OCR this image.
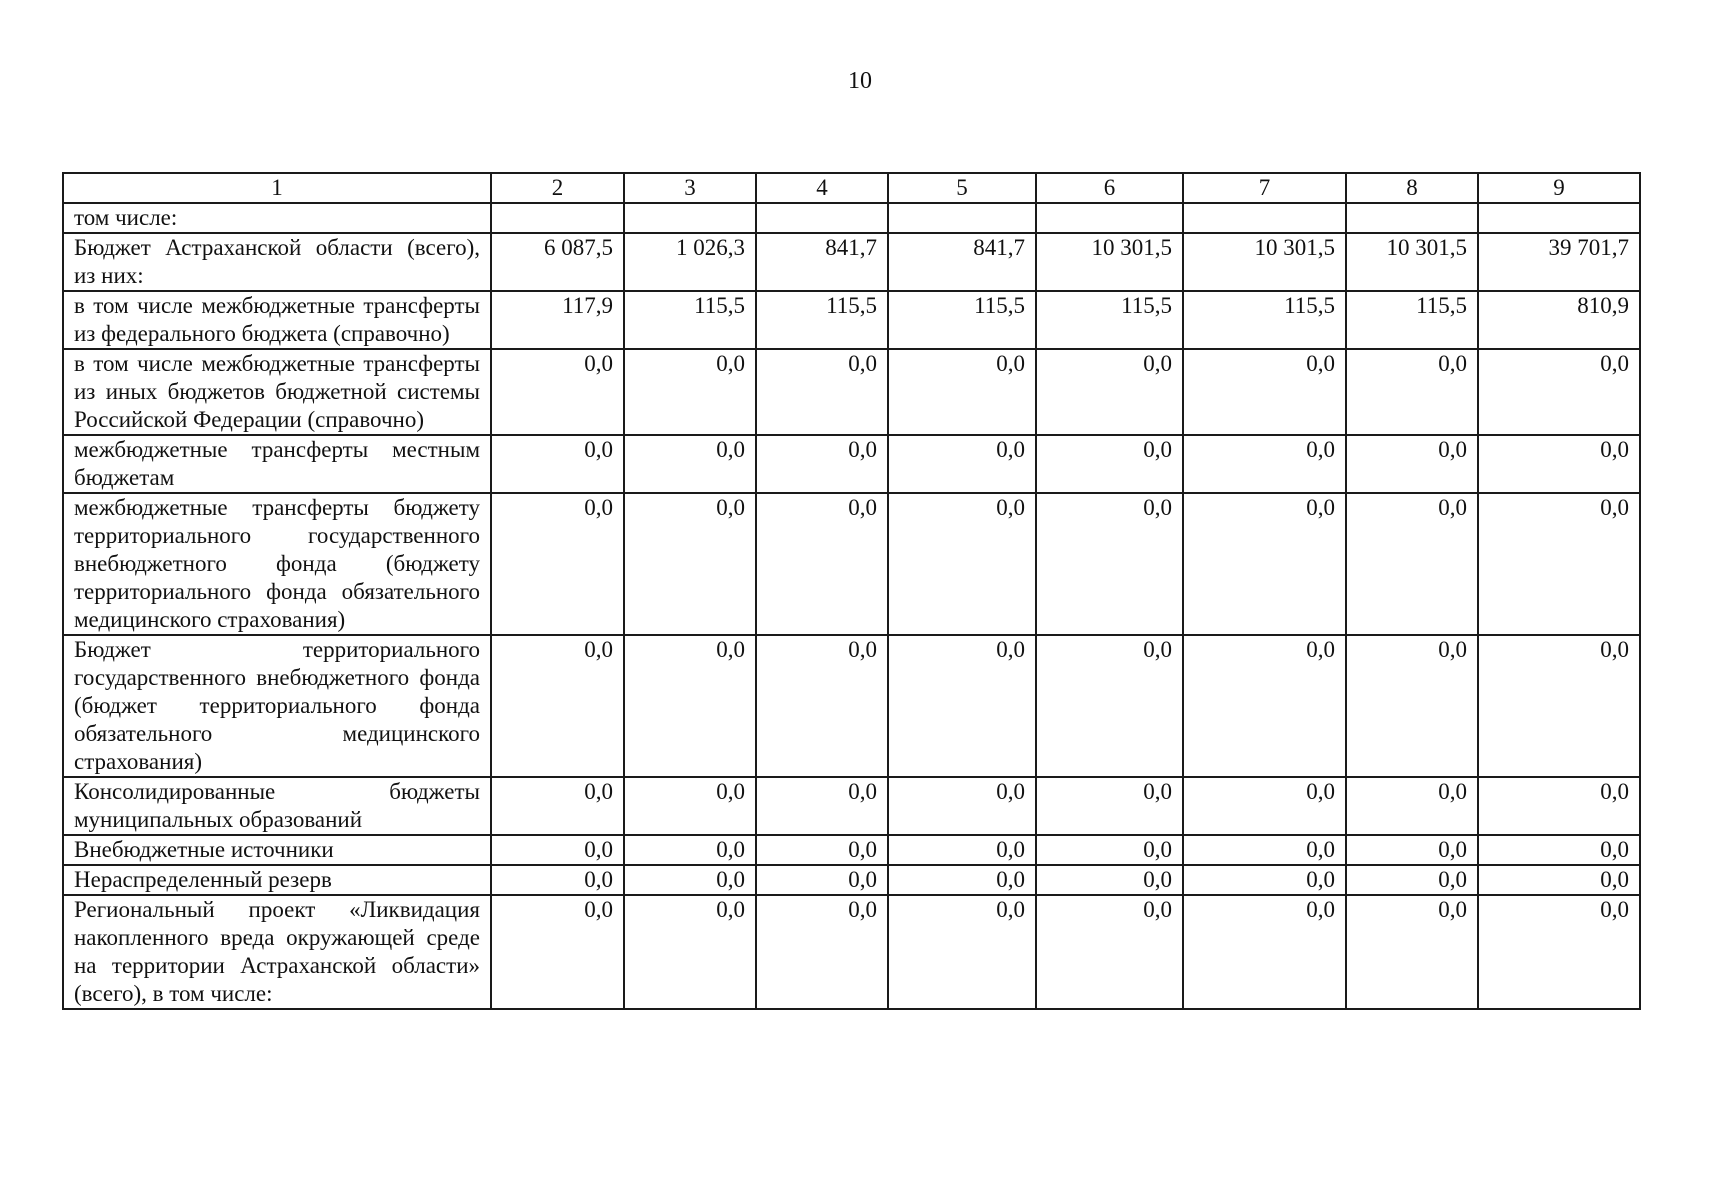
10
1	2	3	4	5	6	7	8	9
том числе:								
Бюджет Астраханской области (всего), из них:	6 087,5	1 026,3	841,7	841,7	10 301,5	10 301,5	10 301,5	39 701,7
в том числе межбюджетные трансферты из федерального бюджета (справочно)	117,9	115,5	115,5	115,5	115,5	115,5	115,5	810,9
в том числе межбюджетные трансферты из иных бюджетов бюджетной системы Российской Федерации (справочно)	0,0	0,0	0,0	0,0	0,0	0,0	0,0	0,0
межбюджетные трансферты местным бюджетам	0,0	0,0	0,0	0,0	0,0	0,0	0,0	0,0
межбюджетные трансферты бюджету территориального государственного внебюджетного фонда (бюджету территориального фонда обязательного медицинского страхования)	0,0	0,0	0,0	0,0	0,0	0,0	0,0	0,0
Бюджет территориального государственного внебюджетного фонда (бюджет территориального фонда обязательного медицинского страхования)	0,0	0,0	0,0	0,0	0,0	0,0	0,0	0,0
Консолидированные бюджеты муниципальных образований	0,0	0,0	0,0	0,0	0,0	0,0	0,0	0,0
Внебюджетные источники	0,0	0,0	0,0	0,0	0,0	0,0	0,0	0,0
Нераспределенный резерв	0,0	0,0	0,0	0,0	0,0	0,0	0,0	0,0
Региональный проект «Ликвидация накопленного вреда окружающей среде на территории Астраханской области» (всего), в том числе:	0,0	0,0	0,0	0,0	0,0	0,0	0,0	0,0
